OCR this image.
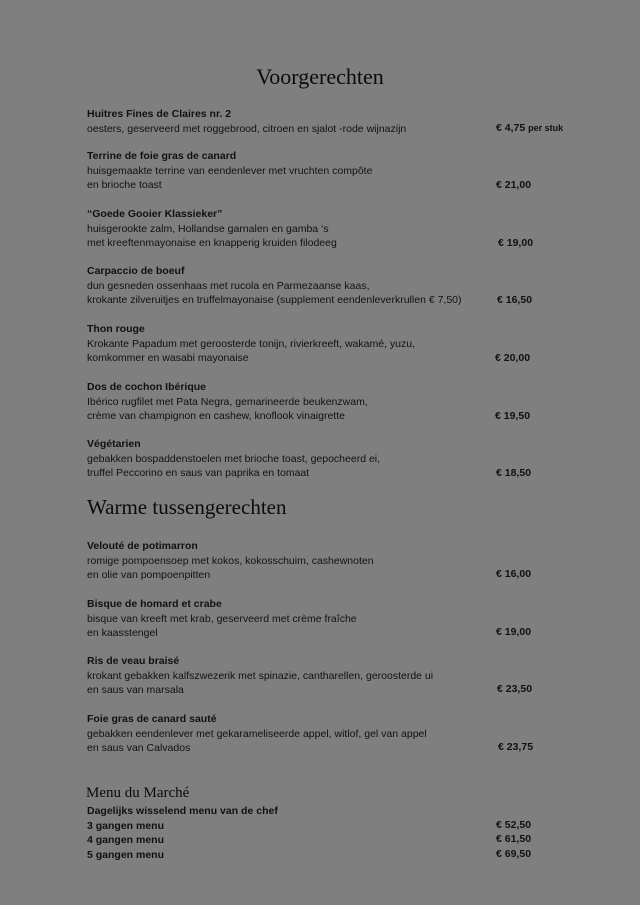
Voorgerechten
Warme tussengerechten
Menu du Marché
Huitres Fines de Claires nr. 2
oesters, geserveerd met roggebrood, citroen en sjalot -rode wijnazijn	€ 4,75 per stuk
Terrine de foie gras de canard
huisgemaakte terrine van eendenlever met vruchten compôte
en brioche toast	€ 21,00
“Goede Gooier Klassieker”
huisgerookte zalm, Hollandse garnalen en gamba ‘s
met kreeftenmayonaise en knapperig kruiden filodeeg	€ 19,00
Carpaccio de boeuf
dun gesneden ossenhaas met rucola en Parmezaanse kaas,
krokante zilveruitjes en truffelmayonaise (supplement eendenleverkrullen € 7,50)	€ 16,50
Thon rouge
Krokante Papadum met geroosterde tonijn, rivierkreeft, wakamé, yuzu,
komkommer en wasabi mayonaise	€ 20,00
Dos de cochon Ibérique
Ibérico rugfilet met Pata Negra, gemarineerde beukenzwam,
crème van champignon en cashew, knoflook vinaigrette	€ 19,50
Végétarien
gebakken bospaddenstoelen met brioche toast, gepocheerd ei,
truffel Peccorino en saus van paprika en tomaat	€ 18,50
Velouté de potimarron
romige pompoensoep met kokos, kokosschuim, cashewnoten
en olie van pompoenpitten	€ 16,00
Bisque de homard et crabe
bisque van kreeft met krab, geserveerd met crème fraîche
en kaasstengel	€ 19,00
Ris de veau braisé
krokant gebakken kalfszwezerik met spinazie, cantharellen, geroosterde ui
en saus van marsala	€ 23,50
Foie gras de canard sauté
gebakken eendenlever met gekarameliseerde appel, witlof, gel van appel
en saus van Calvados	€ 23,75
Dagelijks wisselend menu van de chef
3 gangen menu	€ 52,50
4 gangen menu	€ 61,50
5 gangen menu	€ 69,50
